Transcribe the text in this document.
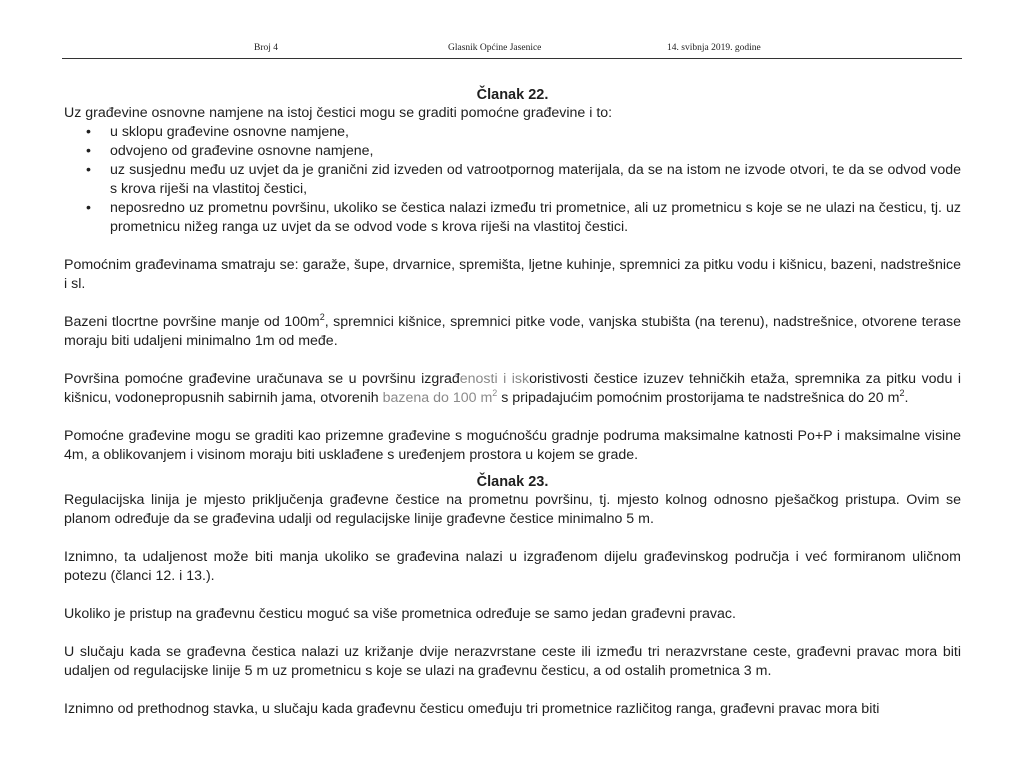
Broj 4	Glasnik Općine Jasenice	14. svibnja 2019. godine
Članak 22.

Uz građevine osnovne namjene na istoj čestici mogu se graditi pomoćne građevine i to:

• u sklopu građevine osnovne namjene,
• odvojeno od građevine osnovne namjene,
• uz susjednu među uz uvjet da je granični zid izveden od vatrootpornog materijala, da se na istom ne izvode otvori, te da se odvod vode s krova riješi na vlastitoj čestici,
• neposredno uz prometnu površinu, ukoliko se čestica nalazi između tri prometnice, ali uz prometnicu s koje se ne ulazi na česticu, tj. uz prometnicu nižeg ranga uz uvjet da se odvod vode s krova riješi na vlastitoj čestici.

Pomoćnim građevinama smatraju se: garaže, šupe, drvarnice, spremišta, ljetne kuhinje, spremnici za pitku vodu i kišnicu, bazeni, nadstrešnice i sl.

Bazeni tlocrtne površine manje od $100m^2$, spremnici kišnice, spremnici pitke vode, vanjska stubišta (na terenu), nadstrešnice, otvorene terase moraju biti udaljeni minimalno 1m od međe.

Površina pomoćne građevine uračunava se u površinu izgrađenosti i iskoristivosti čestice izuzev tehničkih etaža, spremnika za pitku vodu i kišnicu, vodonepropusnih sabirnih jama, otvorenih bazena do 100 $m^2$ s pripadajućim pomoćnim prostorijama te nadstrešnica do 20 $m^2$.

Pomoćne građevine mogu se graditi kao prizemne građevine s mogućnošću gradnje podruma maksimalne katnosti Po+P i maksimalne visine 4m, a oblikovanjem i visinom moraju biti usklađene s uređenjem prostora u kojem se grade.

Članak 23.

Regulacijska linija je mjesto priključenja građevne čestice na prometnu površinu, tj. mjesto kolnog odnosno pješačkog pristupa. Ovim se planom određuje da se građevina udalji od regulacijske linije građevne čestice minimalno 5 m.

Iznimno, ta udaljenost može biti manja ukoliko se građevina nalazi u izgrađenom dijelu građevinskog područja i već formiranom uličnom potezu (članci 12. i 13.).

Ukoliko je pristup na građevnu česticu moguć sa više prometnica određuje se samo jedan građevni pravac.

U slučaju kada se građevna čestica nalazi uz križanje dvije nerazvrstane ceste ili između tri nerazvrstane ceste, građevni pravac mora biti udaljen od regulacijske linije 5 m uz prometnicu s koje se ulazi na građevnu česticu, a od ostalih prometnica 3 m.

Iznimno od prethodnog stavka, u slučaju kada građevnu česticu omeđuju tri prometnice različitog ranga, građevni pravac mora biti
